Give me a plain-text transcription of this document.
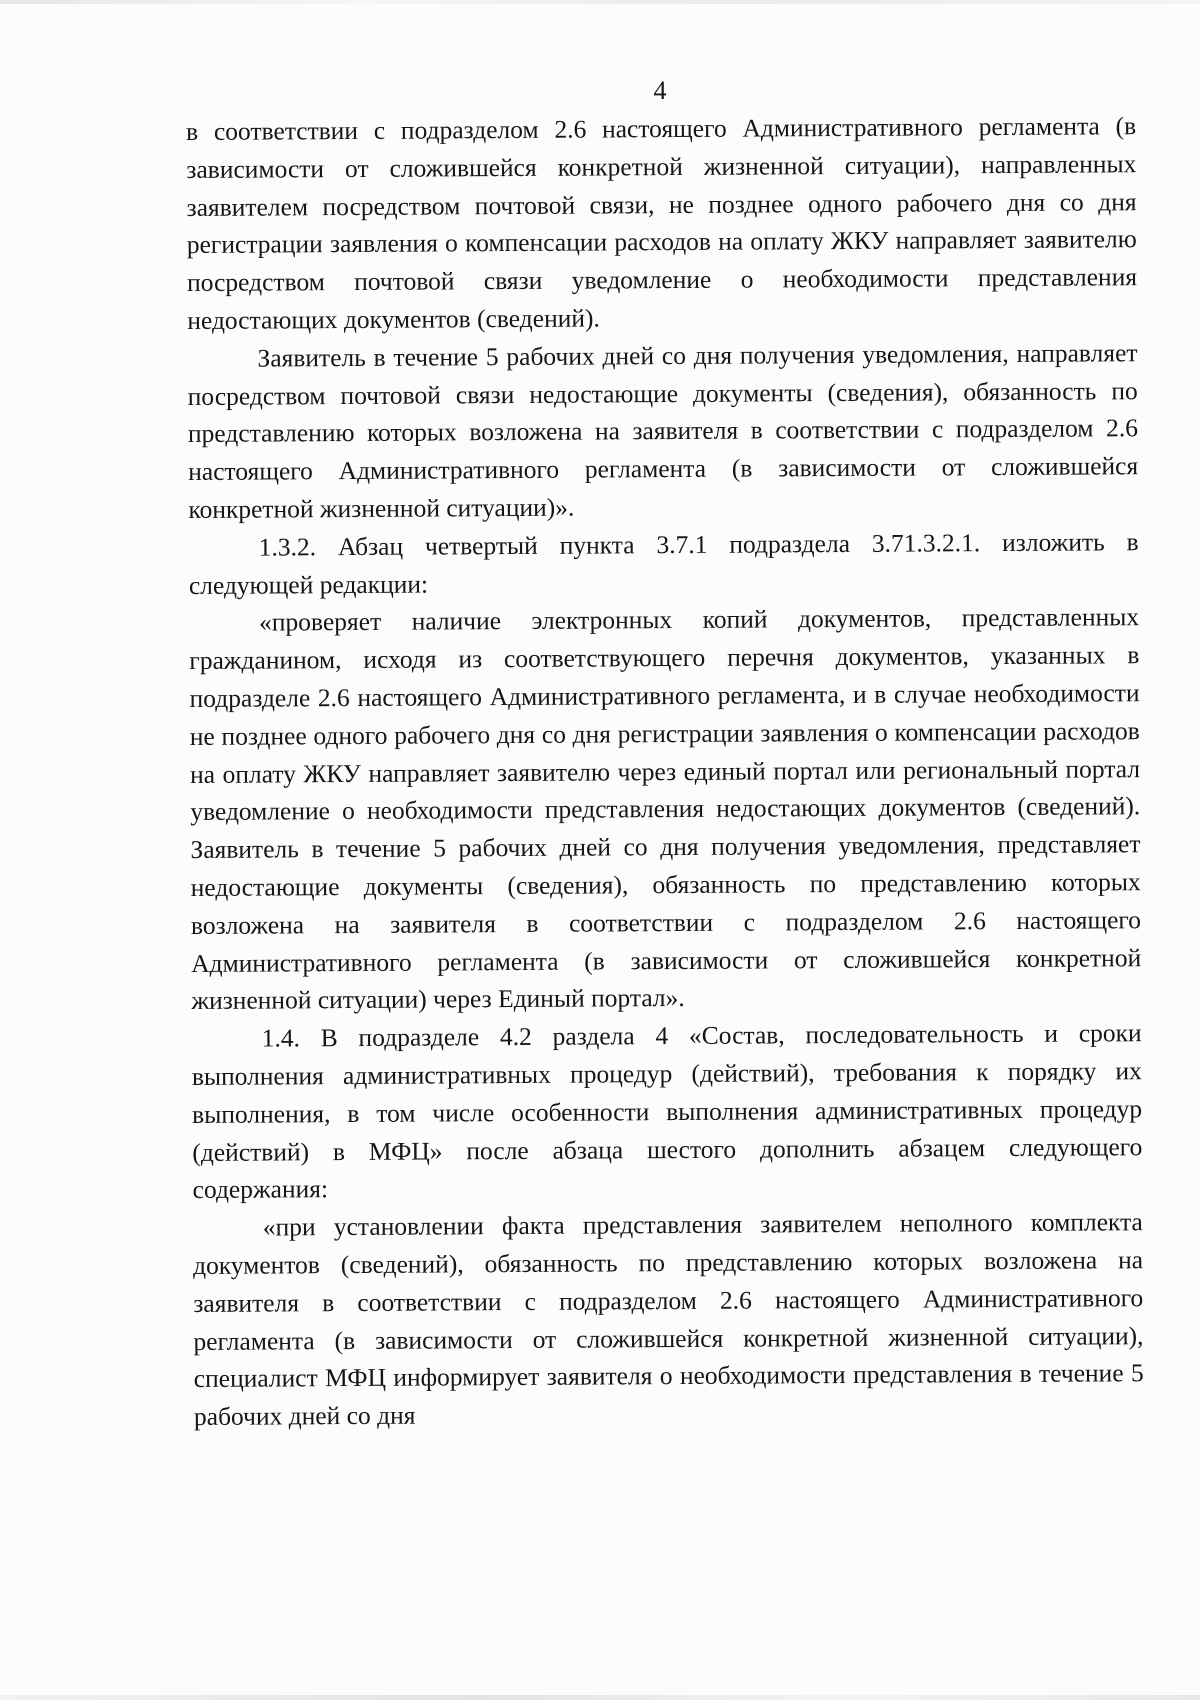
4

в соответствии с подразделом 2.6 настоящего Административного регламента (в зависимости от сложившейся конкретной жизненной ситуации), направленных заявителем посредством почтовой связи, не позднее одного рабочего дня со дня регистрации заявления о компенсации расходов на оплату ЖКУ направляет заявителю посредством почтовой связи уведомление о необходимости представления недостающих документов (сведений).

Заявитель в течение 5 рабочих дней со дня получения уведомления, направляет посредством почтовой связи недостающие документы (сведения), обязанность по представлению которых возложена на заявителя в соответствии с подразделом 2.6 настоящего Административного регламента (в зависимости от сложившейся конкретной жизненной ситуации)».

1.3.2. Абзац четвертый пункта 3.7.1 подраздела 3.71.3.2.1. изложить в следующей редакции:

«проверяет наличие электронных копий документов, представленных гражданином, исходя из соответствующего перечня документов, указанных в подразделе 2.6 настоящего Административного регламента, и в случае необходимости не позднее одного рабочего дня со дня регистрации заявления о компенсации расходов на оплату ЖКУ направляет заявителю через единый портал или региональный портал уведомление о необходимости представления недостающих документов (сведений). Заявитель в течение 5 рабочих дней со дня получения уведомления, представляет недостающие документы (сведения), обязанность по представлению которых возложена на заявителя в соответствии с подразделом 2.6 настоящего Административного регламента (в зависимости от сложившейся конкретной жизненной ситуации) через Единый портал».

1.4. В подразделе 4.2 раздела 4 «Состав, последовательность и сроки выполнения административных процедур (действий), требования к порядку их выполнения, в том числе особенности выполнения административных процедур (действий) в МФЦ» после абзаца шестого дополнить абзацем следующего содержания:

«при установлении факта представления заявителем неполного комплекта документов (сведений), обязанность по представлению которых возложена на заявителя в соответствии с подразделом 2.6 настоящего Административного регламента (в зависимости от сложившейся конкретной жизненной ситуации), специалист МФЦ информирует заявителя о необходимости представления в течение 5 рабочих дней со дня
